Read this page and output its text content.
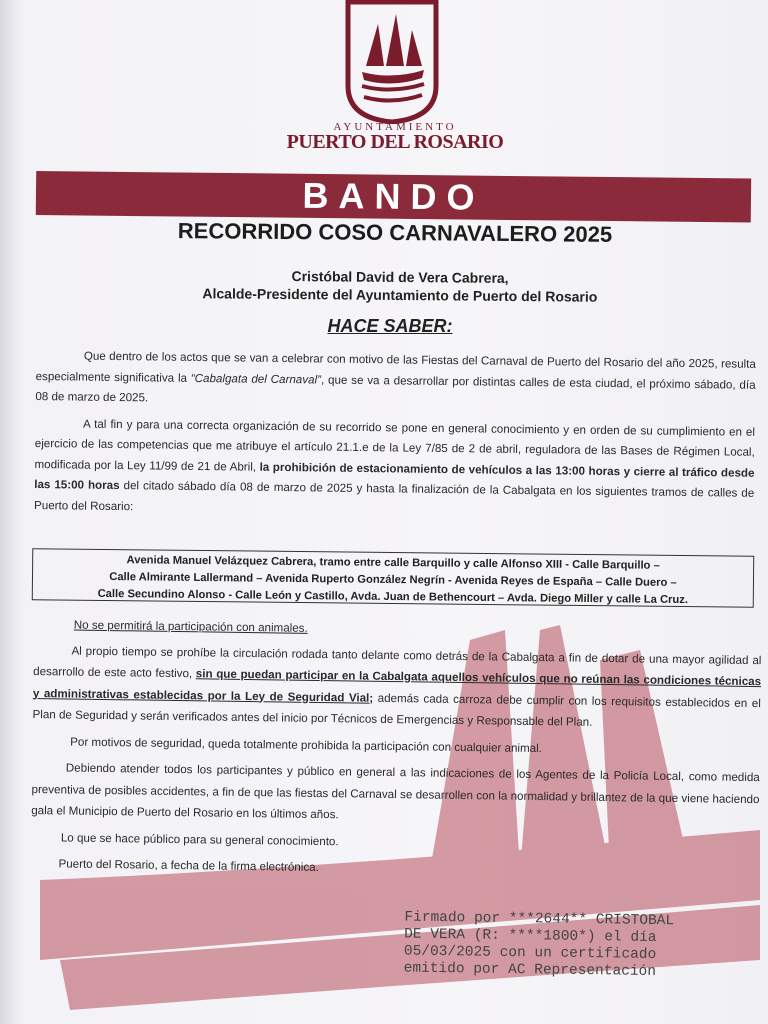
AYUNTAMIENTO
PUERTO DEL ROSARIO
BANDO
RECORRIDO COSO CARNAVALERO 2025
Cristóbal David de Vera Cabrera,
Alcalde-Presidente del Ayuntamiento de Puerto del Rosario
HACE SABER:

Que dentro de los actos que se van a celebrar con motivo de las Fiestas del Carnaval de Puerto del Rosario del año 2025, resulta especialmente significativa la “Cabalgata del Carnaval”, que se va a desarrollar por distintas calles de esta ciudad, el próximo sábado, día 08 de marzo de 2025.

A tal fin y para una correcta organización de su recorrido se pone en general conocimiento y en orden de su cumplimiento en el ejercicio de las competencias que me atribuye el artículo 21.1.e de la Ley 7/85 de 2 de abril, reguladora de las Bases de Régimen Local, modificada por la Ley 11/99 de 21 de Abril, la prohibición de estacionamiento de vehículos a las 13:00 horas y cierre al tráfico desde las 15:00 horas del citado sábado día 08 de marzo de 2025 y hasta la finalización de la Cabalgata en los siguientes tramos de calles de Puerto del Rosario:

Avenida Manuel Velázquez Cabrera, tramo entre calle Barquillo y calle Alfonso XIII - Calle Barquillo –
Calle Almirante Lallermand – Avenida Ruperto González Negrín - Avenida Reyes de España – Calle Duero –
Calle Secundino Alonso - Calle León y Castillo, Avda. Juan de Bethencourt – Avda. Diego Miller y calle La Cruz.

No se permitirá la participación con animales.

Al propio tiempo se prohíbe la circulación rodada tanto delante como detrás de la Cabalgata a fin de dotar de una mayor agilidad al desarrollo de este acto festivo, sin que puedan participar en la Cabalgata aquellos vehículos que no reúnan las condiciones técnicas y administrativas establecidas por la Ley de Seguridad Vial; además cada carroza debe cumplir con los requisitos establecidos en el Plan de Seguridad y serán verificados antes del inicio por Técnicos de Emergencias y Responsable del Plan.

Por motivos de seguridad, queda totalmente prohibida la participación con cualquier animal.

Debiendo atender todos los participantes y público en general a las indicaciones de los Agentes de la Policía Local, como medida preventiva de posibles accidentes, a fin de que las fiestas del Carnaval se desarrollen con la normalidad y brillantez de la que viene haciendo gala el Municipio de Puerto del Rosario en los últimos años.

Lo que se hace público para su general conocimiento.

Puerto del Rosario, a fecha de la firma electrónica.

Firmado por ***2644** CRISTOBAL
DE VERA (R: ****1800*) el día
05/03/2025 con un certificado
emitido por AC Representación
